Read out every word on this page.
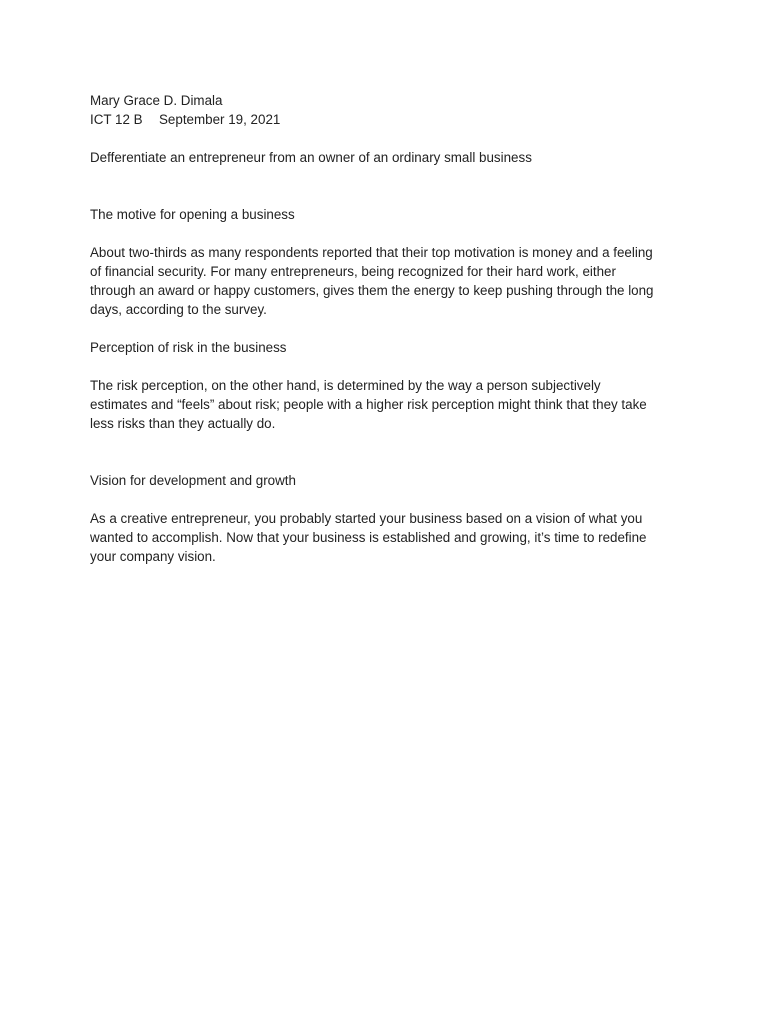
Mary Grace D. Dimala

ICT 12 B	September 19, 2021

Defferentiate an entrepreneur from an owner of an ordinary small business

The motive for opening a business

About two-thirds as many respondents reported that their top motivation is money and a feeling

of financial security. For many entrepreneurs, being recognized for their hard work, either

through an award or happy customers, gives them the energy to keep pushing through the long

days, according to the survey.

Perception of risk in the business

The risk perception, on the other hand, is determined by the way a person subjectively

estimates and “feels” about risk; people with a higher risk perception might think that they take

less risks than they actually do.

Vision for development and growth

As a creative entrepreneur, you probably started your business based on a vision of what you

wanted to accomplish. Now that your business is established and growing, it’s time to redefine

your company vision.
